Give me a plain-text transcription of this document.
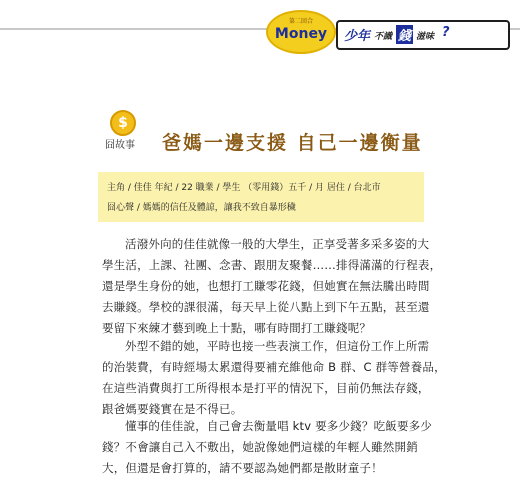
第二回合
Money	少年 不識 錢 滋味 ?
$
囧故事 爸媽一邊支援 自己一邊衡量
主角 / 佳佳 年紀 / 22 職業 / 學生 （零用錢）五千 / 月 居住 / 台北市
囧心聲 / 媽媽的信任及體諒，讓我不致自暴形穢
活潑外向的佳佳就像一般的大學生，正享受著多采多姿的大
學生活，上課、社團、念書、跟朋友聚餐……排得滿滿的行程表，
還是學生身份的她，也想打工賺零花錢，但她實在無法騰出時間
去賺錢。學校的課很滿，每天早上從八點上到下午五點，甚至還
要留下來練才藝到晚上十點，哪有時間打工賺錢呢？
外型不錯的她，平時也接一些表演工作，但這份工作上所需
的治裝費，有時經場太累還得要補充維他命 B 群、C 群等營養品，
在這些消費與打工所得根本是打平的情況下，目前仍無法存錢，
跟爸媽要錢實在是不得已。
懂事的佳佳說，自己會去衡量唱 ktv 要多少錢？吃飯要多少
錢？不會讓自己入不敷出，她說像她們這樣的年輕人雖然開銷
大，但還是會打算的，請不要認為她們都是散財童子！
